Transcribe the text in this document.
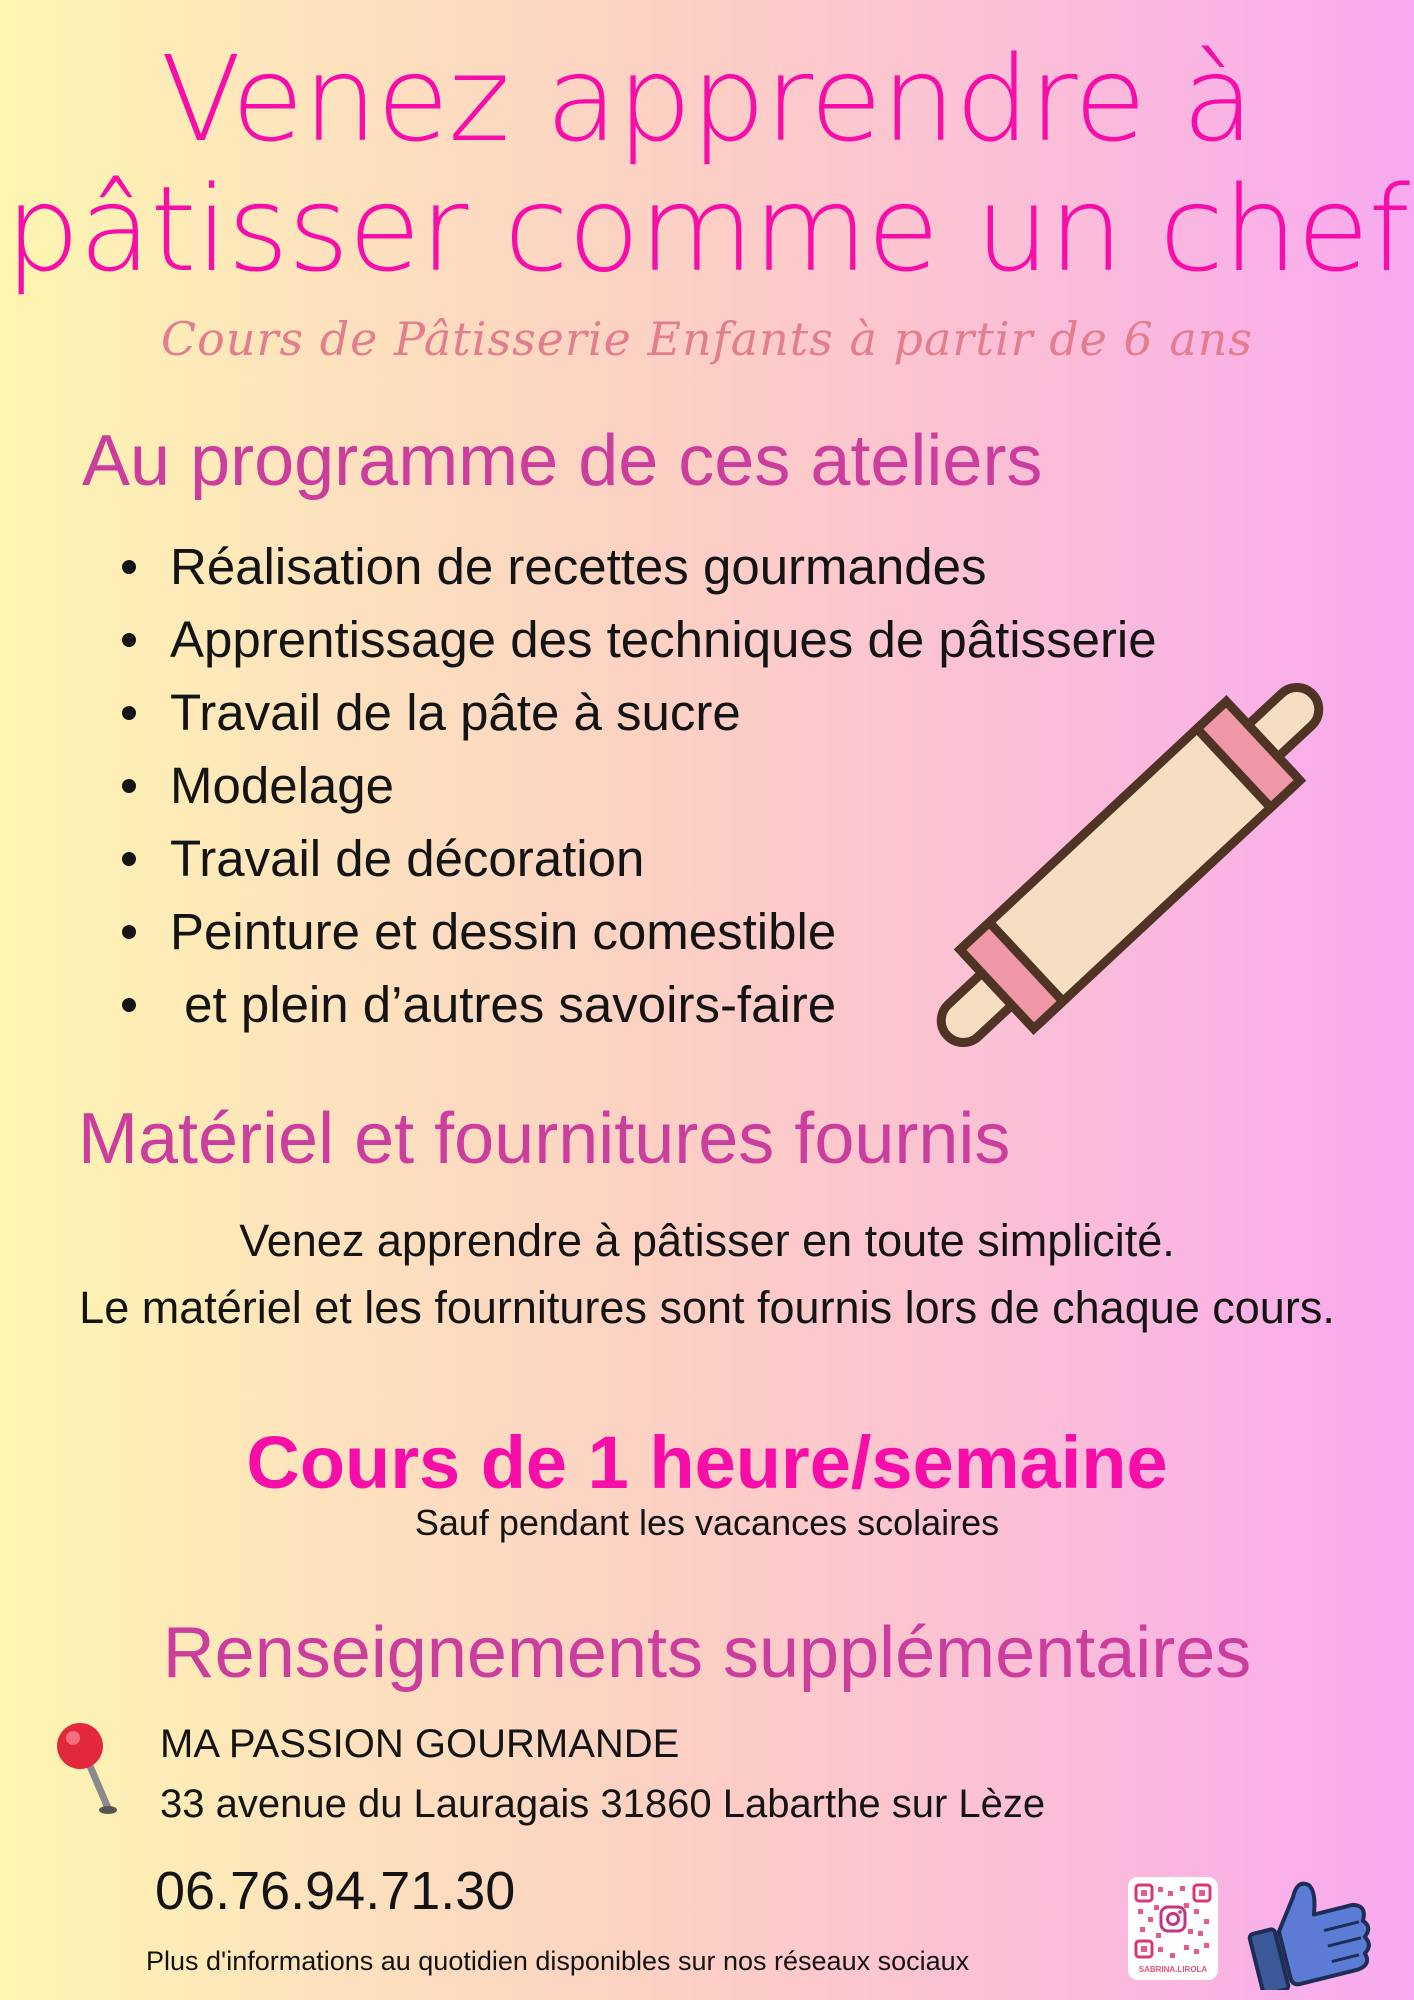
Venez apprendre à
pâtisser comme un chef
Cours de Pâtisserie Enfants à partir de 6 ans
Au programme de ces ateliers
Réalisation de recettes gourmandes
Apprentissage des techniques de pâtisserie
Travail de la pâte à sucre
Modelage
Travail de décoration
Peinture et dessin comestible
et plein d’autres savoirs-faire
Matériel et fournitures fournis
Venez apprendre à pâtisser en toute simplicité.
Le matériel et les fournitures sont fournis lors de chaque cours.
Cours de 1 heure/semaine
Sauf pendant les vacances scolaires
Renseignements supplémentaires
MA PASSION GOURMANDE
33 avenue du Lauragais 31860 Labarthe sur Lèze
06.76.94.71.30
Plus d'informations au quotidien disponibles sur nos réseaux sociaux	SABRINA.LIROLA
